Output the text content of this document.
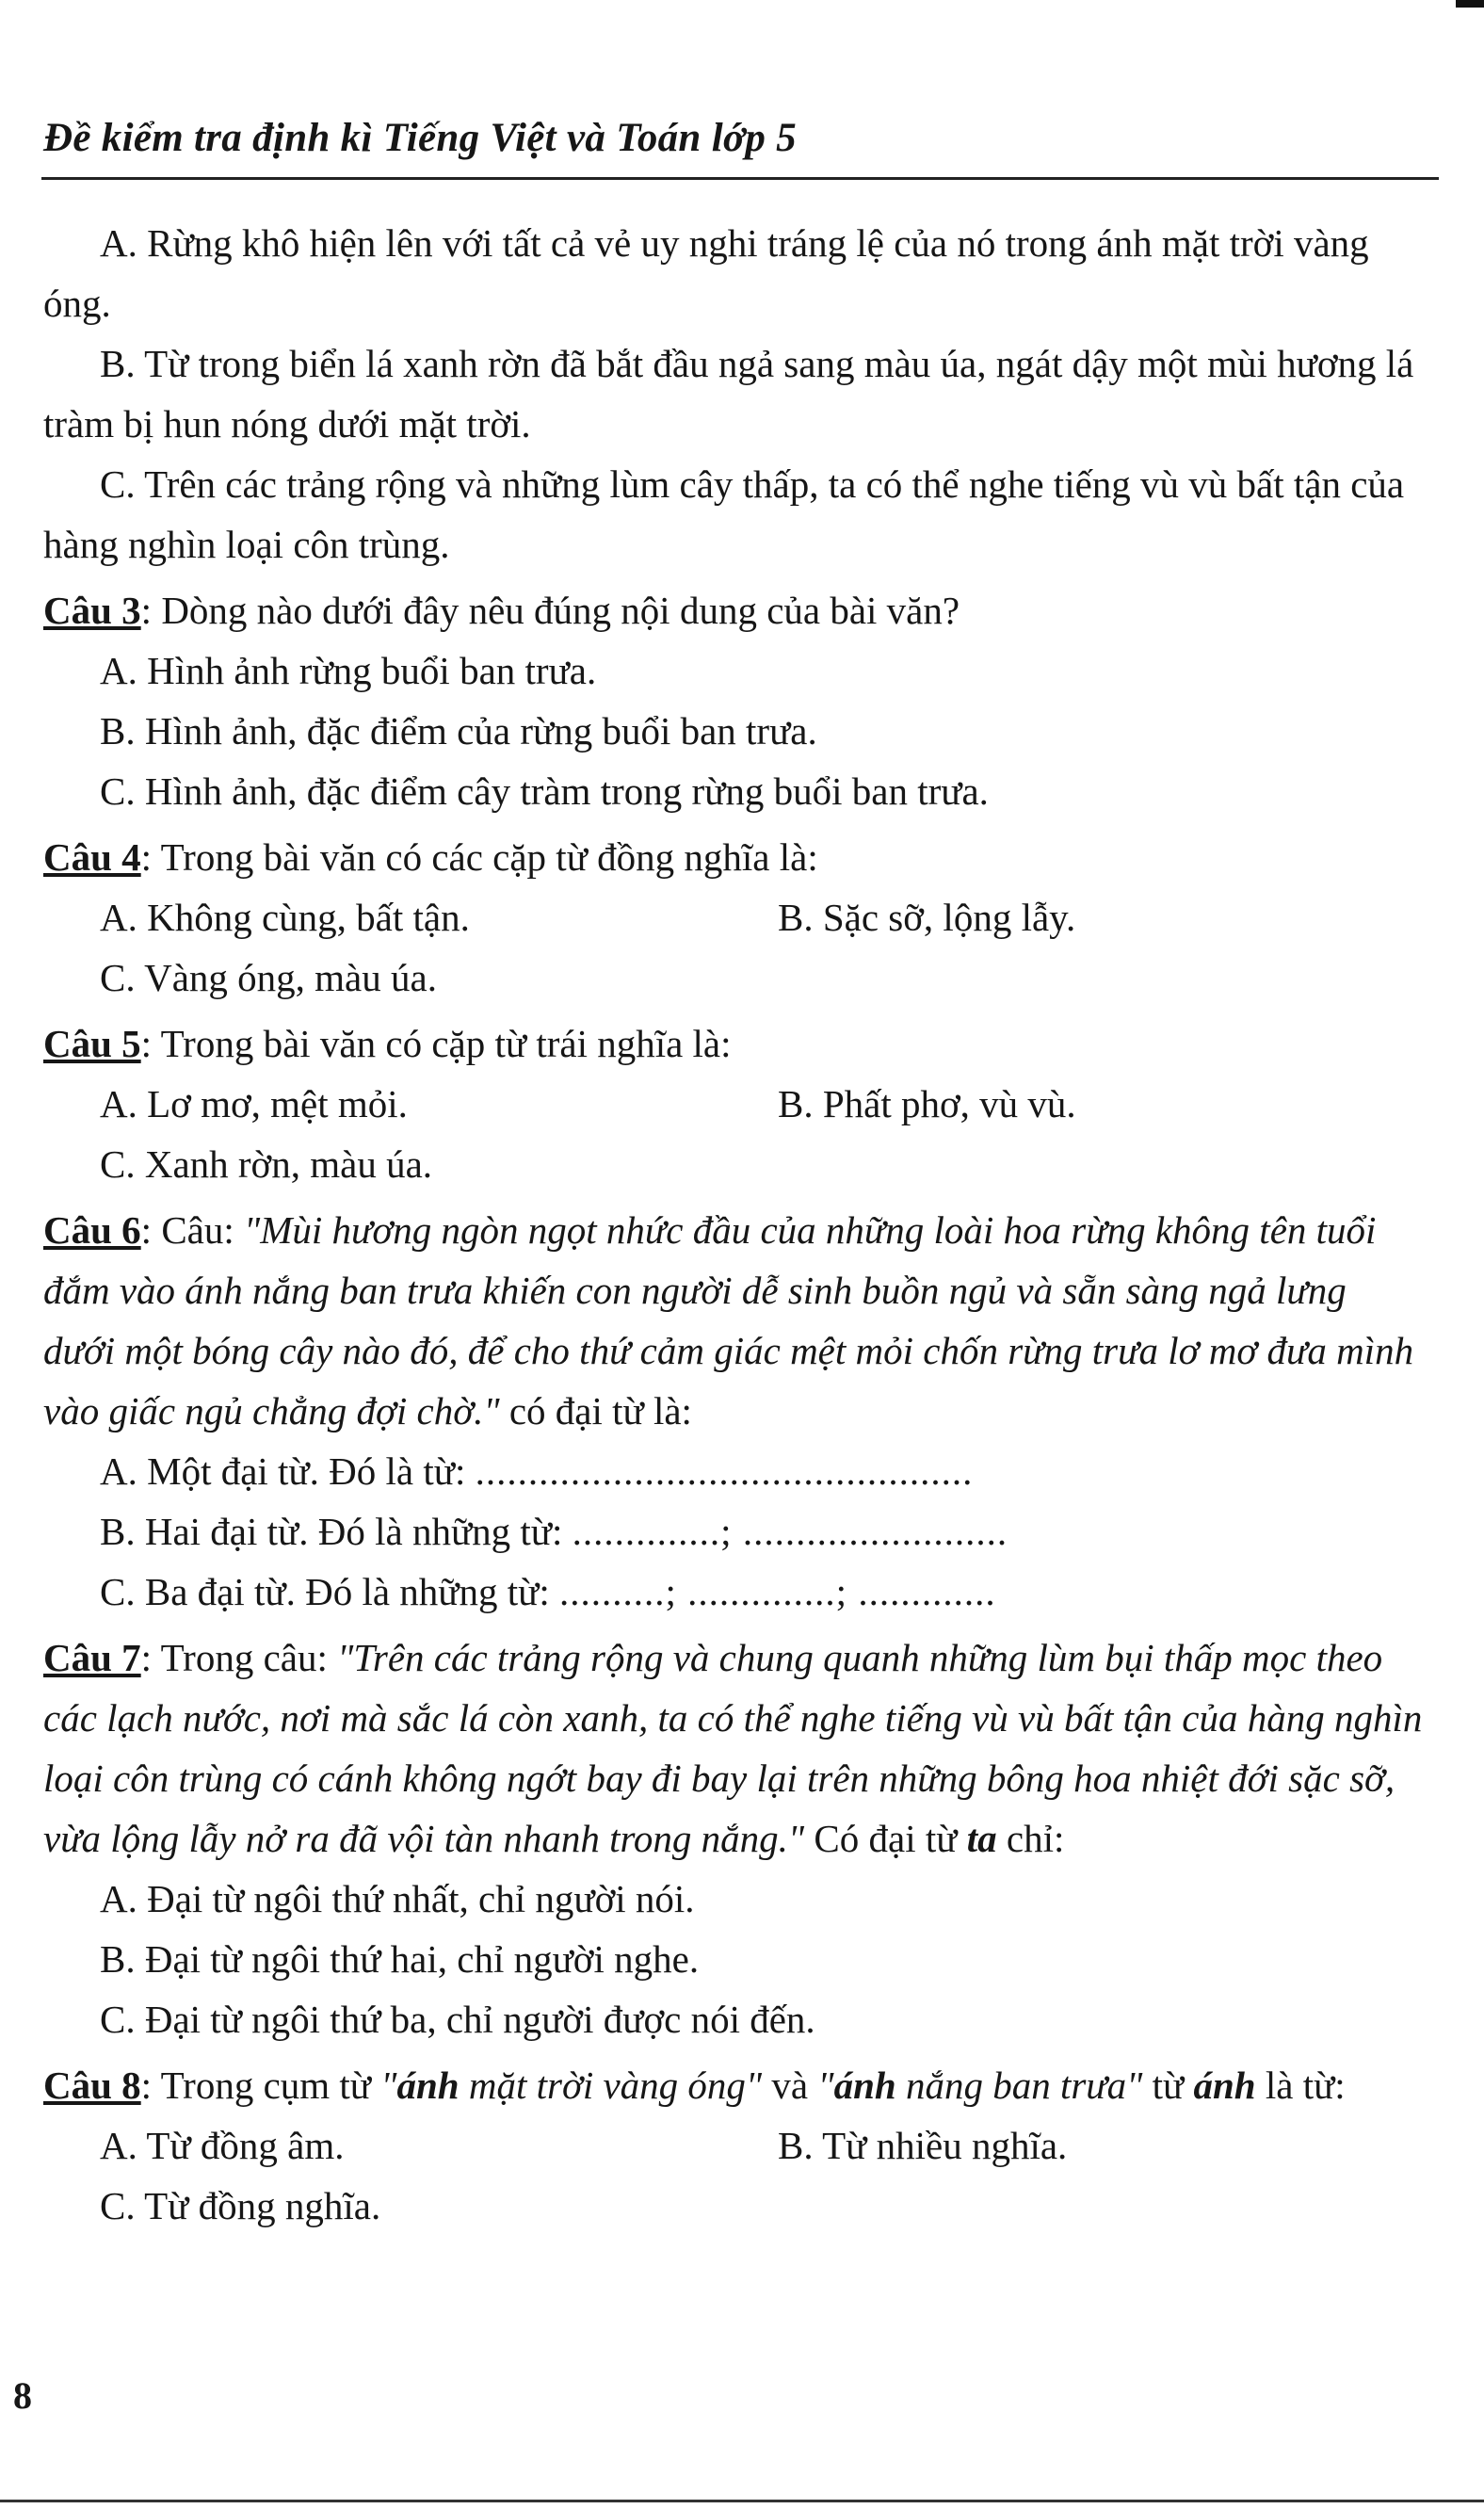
Đề kiểm tra định kì Tiếng Việt và Toán lớp 5

A. Rừng khô hiện lên với tất cả vẻ uy nghi tráng lệ của nó trong ánh mặt trời vàng óng.

B. Từ trong biển lá xanh rờn đã bắt đầu ngả sang màu úa, ngát dậy một mùi hương lá tràm bị hun nóng dưới mặt trời.

C. Trên các trảng rộng và những lùm cây thấp, ta có thể nghe tiếng vù vù bất tận của hàng nghìn loại côn trùng.

Câu 3: Dòng nào dưới đây nêu đúng nội dung của bài văn?

A. Hình ảnh rừng buổi ban trưa.

B. Hình ảnh, đặc điểm của rừng buổi ban trưa.

C. Hình ảnh, đặc điểm cây tràm trong rừng buổi ban trưa.

Câu 4: Trong bài văn có các cặp từ đồng nghĩa là:

A. Không cùng, bất tận.	B. Sặc sỡ, lộng lẫy.

C. Vàng óng, màu úa.

Câu 5: Trong bài văn có cặp từ trái nghĩa là:

A. Lơ mơ, mệt mỏi.	B. Phất phơ, vù vù.

C. Xanh rờn, màu úa.

Câu 6: Câu: "Mùi hương ngòn ngọt nhức đầu của những loài hoa rừng không tên tuổi đắm vào ánh nắng ban trưa khiến con người dễ sinh buồn ngủ và sẵn sàng ngả lưng dưới một bóng cây nào đó, để cho thứ cảm giác mệt mỏi chốn rừng trưa lơ mơ đưa mình vào giấc ngủ chẳng đợi chờ." có đại từ là:

A. Một đại từ. Đó là từ: ...............................................

B. Hai đại từ. Đó là những từ: ..............; .........................

C. Ba đại từ. Đó là những từ: ..........; ..............; .............

Câu 7: Trong câu: "Trên các trảng rộng và chung quanh những lùm bụi thấp mọc theo các lạch nước, nơi mà sắc lá còn xanh, ta có thể nghe tiếng vù vù bất tận của hàng nghìn loại côn trùng có cánh không ngớt bay đi bay lại trên những bông hoa nhiệt đới sặc sỡ, vừa lộng lẫy nở ra đã vội tàn nhanh trong nắng." Có đại từ ta chỉ:

A. Đại từ ngôi thứ nhất, chỉ người nói.

B. Đại từ ngôi thứ hai, chỉ người nghe.

C. Đại từ ngôi thứ ba, chỉ người được nói đến.

Câu 8: Trong cụm từ "ánh mặt trời vàng óng" và "ánh nắng ban trưa" từ ánh là từ:

A. Từ đồng âm.	B. Từ nhiều nghĩa.

C. Từ đồng nghĩa.

8
